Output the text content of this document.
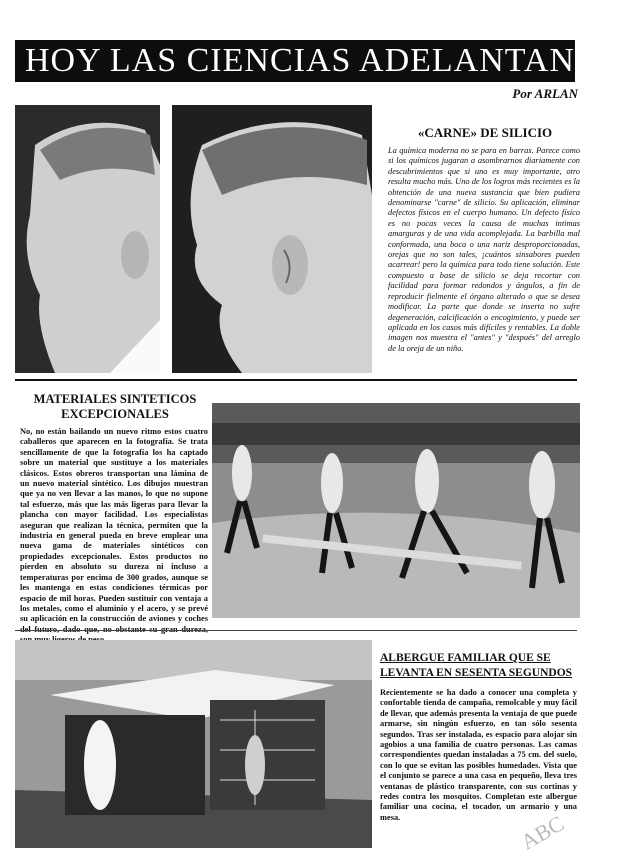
HOY LAS CIENCIAS ADELANTAN...
Por ARLAN
«CARNE» DE SILICIO
La química moderna no se para en barras. Parece como si los químicos jugaran a asombrarnos diariamente con descubrimientos que si uno es muy importante, otro resulta mucho más. Uno de los logros más recientes es la obtención de una nueva sustancia que bien pudiera denominarse "carne" de silicio. Su aplicación, eliminar defectos físicos en el cuerpo humano. Un defecto físico es no pocas veces la causa de muchas intimas amarguras y de una vida acomplejada. La barbilla mal conformada, una boca o una nariz desproporcionadas, orejas que no son tales, ¡cuántos sinsabores pueden acarrear! pero la química para todo tiene solución. Este compuesto a base de silicio se deja recortar con facilidad para formar redondos y ángulos, a fin de reproducir fielmente el órgano alterado o que se desea modificar. La parte que donde se inserta no sufre degeneración, calcificación o encogimiento, y puede ser aplicada en los casos más difíciles y rentables. La doble imagen nos muestra el "antes" y "después" del arreglo de la oreja de un niño.
MATERIALES SINTETICOS EXCEPCIONALES
No, no están bailando un nuevo ritmo estos cuatro caballeros que aparecen en la fotografía. Se trata sencillamente de que la fotografía los ha captado sobre un material que sustituye a los materiales clásicos. Estos obreros transportan una lámina de un nuevo material sintético. Los dibujos muestran que ya no ven llevar a las manos, lo que no supone tal esfuerzo, más que las más ligeras para llevar la plancha con mayor facilidad. Los especialistas aseguran que realizan la técnica, permiten que la industria en general pueda en breve emplear una nueva gama de materiales sintéticos con propiedades excepcionales. Estos productos no pierden en absoluto su dureza ni incluso a temperaturas por encima de 300 grados, aunque se les mantenga en estas condiciones térmicas por espacio de mil horas. Pueden sustituir con ventaja a los metales, como el aluminio y el acero, y se prevé su aplicación en la construcción de aviones y coches
ALBERGUE FAMILIAR QUE SE LEVANTA EN SESENTA SEGUNDOS
Recientemente se ha dado a conocer una completa y confortable tienda de campaña, remolcable y muy fácil de llevar, que además presenta la ventaja de que puede armarse, sin ningún esfuerzo, en tan sólo sesenta segundos. Tras ser instalada, es espacio para alojar sin agobios a una familia de cuatro personas. Las camas correspondientes quedan instaladas a 75 cm. del suelo, con lo que se evitan las posibles humedades. Vista que el conjunto se parece a una casa en pequeño, lleva tres ventanas de plástico transparente, con sus cortinas y redes contra los mosquitos. Completan este albergue familiar una cocina, el tocador, un armario y una mesa.	ABC
